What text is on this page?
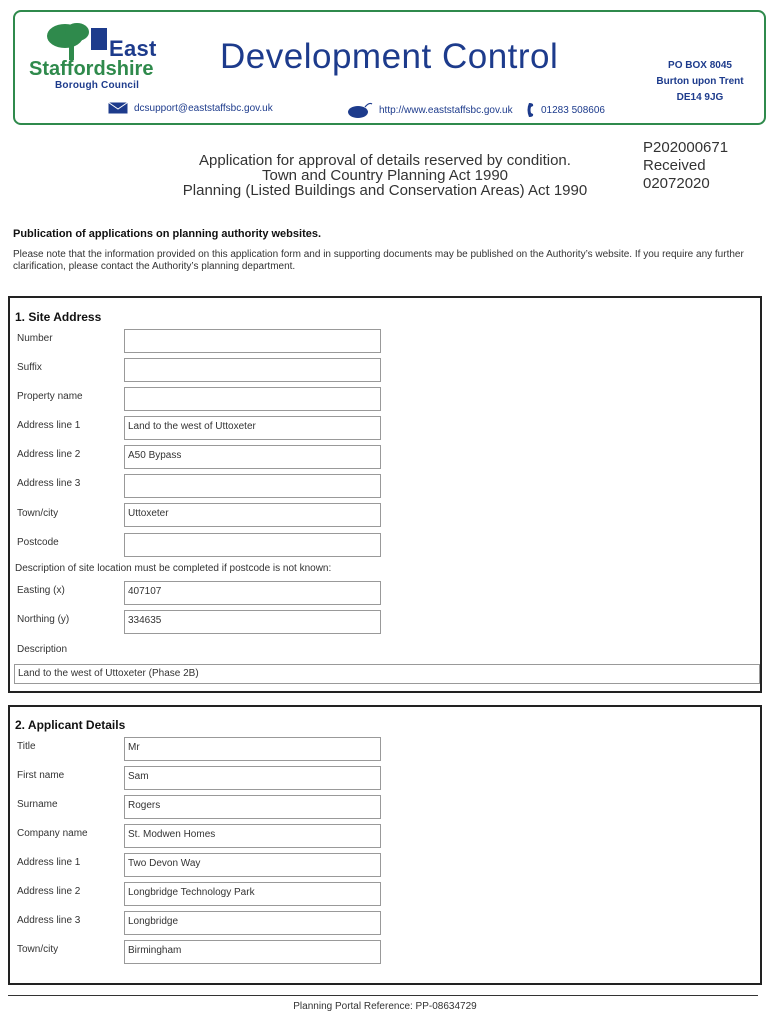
East
Staffordshire
Borough Council
Development Control	PO BOX 8045
Burton upon Trent
DE14 9JG
dcsupport@eaststaffsbc.gov.uk	http://www.eaststaffsbc.gov.uk	01283 508606
Application for approval of details reserved by condition.
Town and Country Planning Act 1990
Planning (Listed Buildings and Conservation Areas) Act 1990
P202000671
Received
02072020
Publication of applications on planning authority websites.
Please note that the information provided on this application form and in supporting documents may be published on the Authority’s website. If you require any further clarification, please contact the Authority’s planning department.
1. Site Address
Number
Suffix
Property name
Address line 1	Land to the west of Uttoxeter
Address line 2	A50 Bypass
Address line 3
Town/city	Uttoxeter
Postcode
Description of site location must be completed if postcode is not known:
Easting (x)	407107
Northing (y)	334635
Description
Land to the west of Uttoxeter (Phase 2B)
2. Applicant Details
Title	Mr
First name	Sam
Surname	Rogers
Company name	St. Modwen Homes
Address line 1	Two Devon Way
Address line 2	Longbridge Technology Park
Address line 3	Longbridge
Town/city	Birmingham
Planning Portal Reference: PP-08634729
